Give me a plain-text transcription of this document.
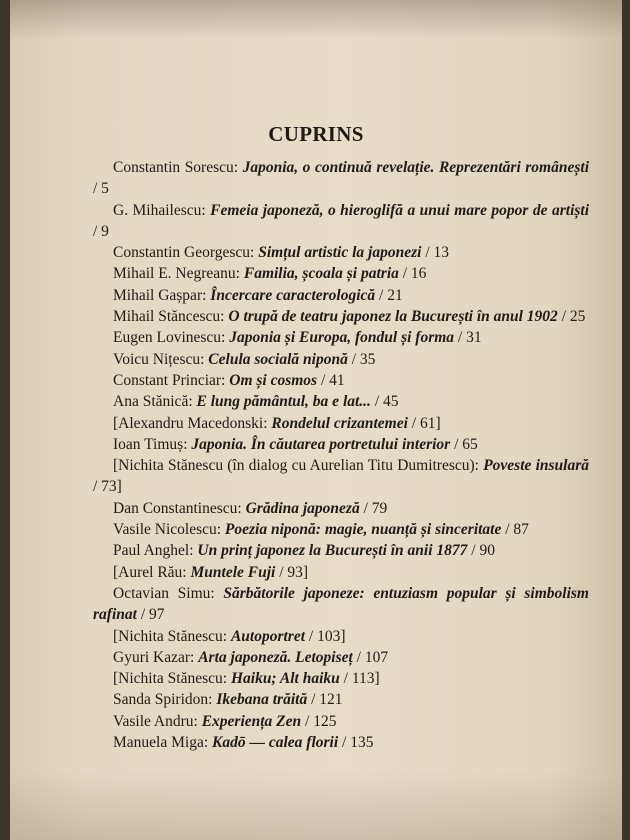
CUPRINS
Constantin Sorescu: Japonia, o continuă revelație. Reprezentări românești / 5
G. Mihailescu: Femeia japoneză, o hieroglifă a unui mare popor de artiști / 9
Constantin Georgescu: Simțul artistic la japonezi / 13
Mihail E. Negreanu: Familia, școala și patria / 16
Mihail Gașpar: Încercare caracterologică / 21
Mihail Stăncescu: O trupă de teatru japonez la București în anul 1902 / 25
Eugen Lovinescu: Japonia și Europa, fondul și forma / 31
Voicu Nițescu: Celula socială niponă / 35
Constant Princiar: Om și cosmos / 41
Ana Stănică: E lung pământul, ba e lat... / 45
[Alexandru Macedonski: Rondelul crizantemei / 61]
Ioan Timuș: Japonia. În căutarea portretului interior / 65
[Nichita Stănescu (în dialog cu Aurelian Titu Dumitrescu): Poveste insulară / 73]
Dan Constantinescu: Grădina japoneză / 79
Vasile Nicolescu: Poezia niponă: magie, nuanță și sinceritate / 87
Paul Anghel: Un prinț japonez la București în anii 1877 / 90
[Aurel Rău: Muntele Fuji / 93]
Octavian Simu: Sărbătorile japoneze: entuziasm popular și simbolism rafinat / 97
[Nichita Stănescu: Autoportret / 103]
Gyuri Kazar: Arta japoneză. Letopiseț / 107
[Nichita Stănescu: Haiku; Alt haiku / 113]
Sanda Spiridon: Ikebana trăită / 121
Vasile Andru: Experiența Zen / 125
Manuela Miga: Kadō — calea florii / 135
